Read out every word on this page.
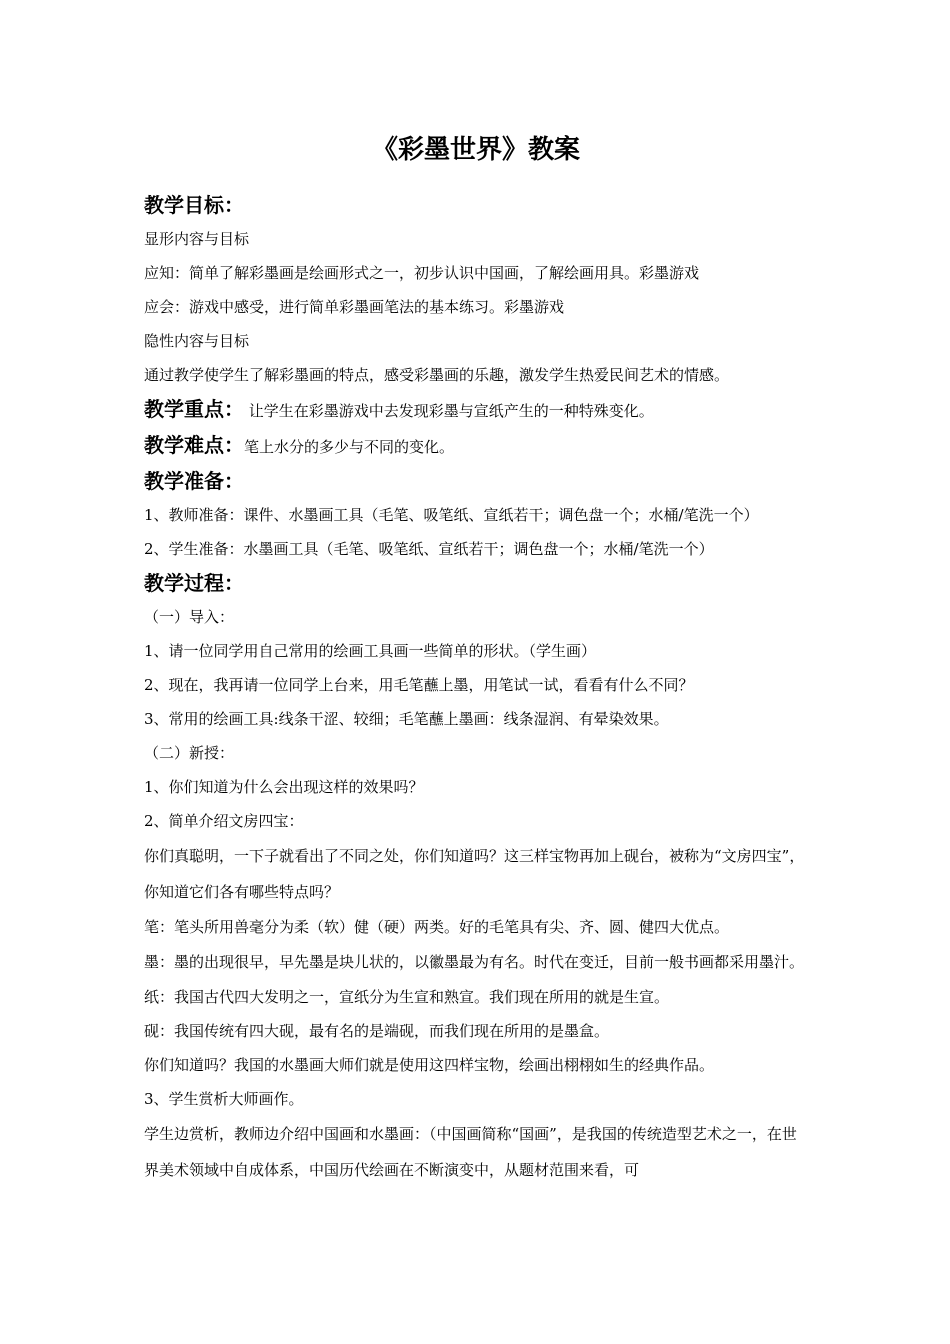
《彩墨世界》教案
教学目标：
显形内容与目标
应知：简单了解彩墨画是绘画形式之一，初步认识中国画，了解绘画用具。彩墨游戏
应会：游戏中感受，进行简单彩墨画笔法的基本练习。彩墨游戏
隐性内容与目标
通过教学使学生了解彩墨画的特点，感受彩墨画的乐趣，激发学生热爱民间艺术的情感。
教学重点： 让学生在彩墨游戏中去发现彩墨与宣纸产生的一种特殊变化。
教学难点：笔上水分的多少与不同的变化。
教学准备：
1、教师准备：课件、水墨画工具（毛笔、吸笔纸、宣纸若干；调色盘一个；水桶/笔洗一个）
2、学生准备：水墨画工具（毛笔、吸笔纸、宣纸若干；调色盘一个；水桶/笔洗一个）
教学过程：
（一）导入：
1、请一位同学用自己常用的绘画工具画一些简单的形状。（学生画）
2、现在，我再请一位同学上台来，用毛笔蘸上墨，用笔试一试，看看有什么不同？
3、常用的绘画工具:线条干涩、较细；毛笔蘸上墨画：线条湿润、有晕染效果。
（二）新授：
1、你们知道为什么会出现这样的效果吗？
2、简单介绍文房四宝：
你们真聪明，一下子就看出了不同之处，你们知道吗？这三样宝物再加上砚台，被称为“文房四宝”，你知道它们各有哪些特点吗？
笔：笔头所用兽毫分为柔（软）健（硬）两类。好的毛笔具有尖、齐、圆、健四大优点。
墨：墨的出现很早，早先墨是块儿状的，以徽墨最为有名。时代在变迁，目前一般书画都采用墨汁。
纸：我国古代四大发明之一，宣纸分为生宣和熟宣。我们现在所用的就是生宣。
砚：我国传统有四大砚，最有名的是端砚，而我们现在所用的是墨盒。
你们知道吗？我国的水墨画大师们就是使用这四样宝物，绘画出栩栩如生的经典作品。
3、学生赏析大师画作。
学生边赏析，教师边介绍中国画和水墨画：（中国画简称“国画”，是我国的传统造型艺术之一，在世界美术领域中自成体系，中国历代绘画在不断演变中，从题材范围来看，可
